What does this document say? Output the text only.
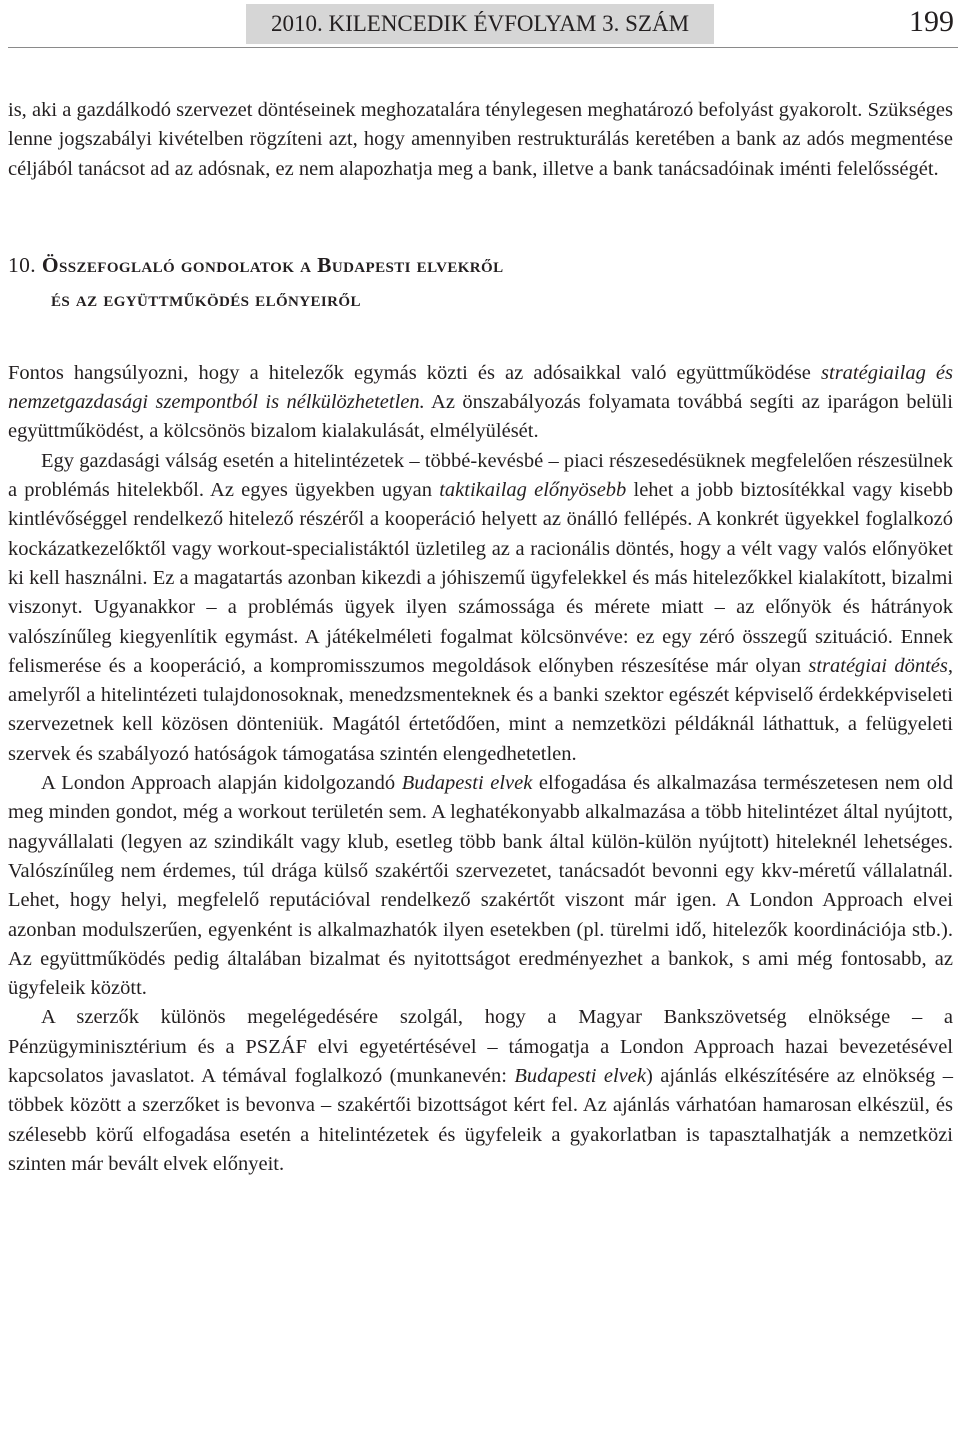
2010. KILENCEDIK ÉVFOLYAM 3. SZÁM	199

is, aki a gazdálkodó szervezet döntéseinek meghozatalára ténylegesen meghatározó befolyást gyakorolt. Szükséges lenne jogszabályi kivételben rögzíteni azt, hogy amennyiben restrukturálás keretében a bank az adós megmentése céljából tanácsot ad az adósnak, ez nem alapozhatja meg a bank, illetve a bank tanácsadóinak iménti felelősségét.

10. Összefoglaló gondolatok a Budapesti elvekről
és az együttműködés előnyeiről

Fontos hangsúlyozni, hogy a hitelezők egymás közti és az adósaikkal való együttműködése stratégiailag és nemzetgazdasági szempontból is nélkülözhetetlen. Az önszabályozás folyamata továbbá segíti az iparágon belüli együttműködést, a kölcsönös bizalom kialakulását, elmélyülését.

Egy gazdasági válság esetén a hitelintézetek – többé-kevésbé – piaci részesedésüknek megfelelően részesülnek a problémás hitelekből. Az egyes ügyekben ugyan taktikailag előnyösebb lehet a jobb biztosítékkal vagy kisebb kintlévőséggel rendelkező hitelező részéről a kooperáció helyett az önálló fellépés. A konkrét ügyekkel foglalkozó kockázatkezelőktől vagy workout-specialistáktól üzletileg az a racionális döntés, hogy a vélt vagy valós előnyöket ki kell használni. Ez a magatartás azonban kikezdi a jóhiszemű ügyfelekkel és más hitelezőkkel kialakított, bizalmi viszonyt. Ugyanakkor – a problémás ügyek ilyen számossága és mérete miatt – az előnyök és hátrányok valószínűleg kiegyenlítik egymást. A játékelméleti fogalmat kölcsönvéve: ez egy zéró összegű szituáció. Ennek felismerése és a kooperáció, a kompromisszumos megoldások előnyben részesítése már olyan stratégiai döntés, amelyről a hitelintézeti tulajdonosoknak, menedzsmenteknek és a banki szektor egészét képviselő érdekképviseleti szervezetnek kell közösen dönteniük. Magától értetődően, mint a nemzetközi példáknál láthattuk, a felügyeleti szervek és szabályozó hatóságok támogatása szintén elengedhetetlen.

A London Approach alapján kidolgozandó Budapesti elvek elfogadása és alkalmazása természetesen nem old meg minden gondot, még a workout területén sem. A leghatékonyabb alkalmazása a több hitelintézet által nyújtott, nagyvállalati (legyen az szindikált vagy klub, esetleg több bank által külön-külön nyújtott) hiteleknél lehetséges. Valószínűleg nem érdemes, túl drága külső szakértői szervezetet, tanácsadót bevonni egy kkv-méretű vállalatnál. Lehet, hogy helyi, megfelelő reputációval rendelkező szakértőt viszont már igen. A London Approach elvei azonban modulszerűen, egyenként is alkalmazhatók ilyen esetekben (pl. türelmi idő, hitelezők koordinációja stb.). Az együttműködés pedig általában bizalmat és nyitottságot eredményezhet a bankok, s ami még fontosabb, az ügyfeleik között.

A szerzők különös megelégedésére szolgál, hogy a Magyar Bankszövetség elnöksége – a Pénzügyminisztérium és a PSZÁF elvi egyetértésével – támogatja a London Approach hazai bevezetésével kapcsolatos javaslatot. A témával foglalkozó (munkanevén: Budapesti elvek) ajánlás elkészítésére az elnökség – többek között a szerzőket is bevonva – szakértői bizottságot kért fel. Az ajánlás várhatóan hamarosan elkészül, és szélesebb körű elfogadása esetén a hitelintézetek és ügyfeleik a gyakorlatban is tapasztalhatják a nemzetközi szinten már bevált elvek előnyeit.
